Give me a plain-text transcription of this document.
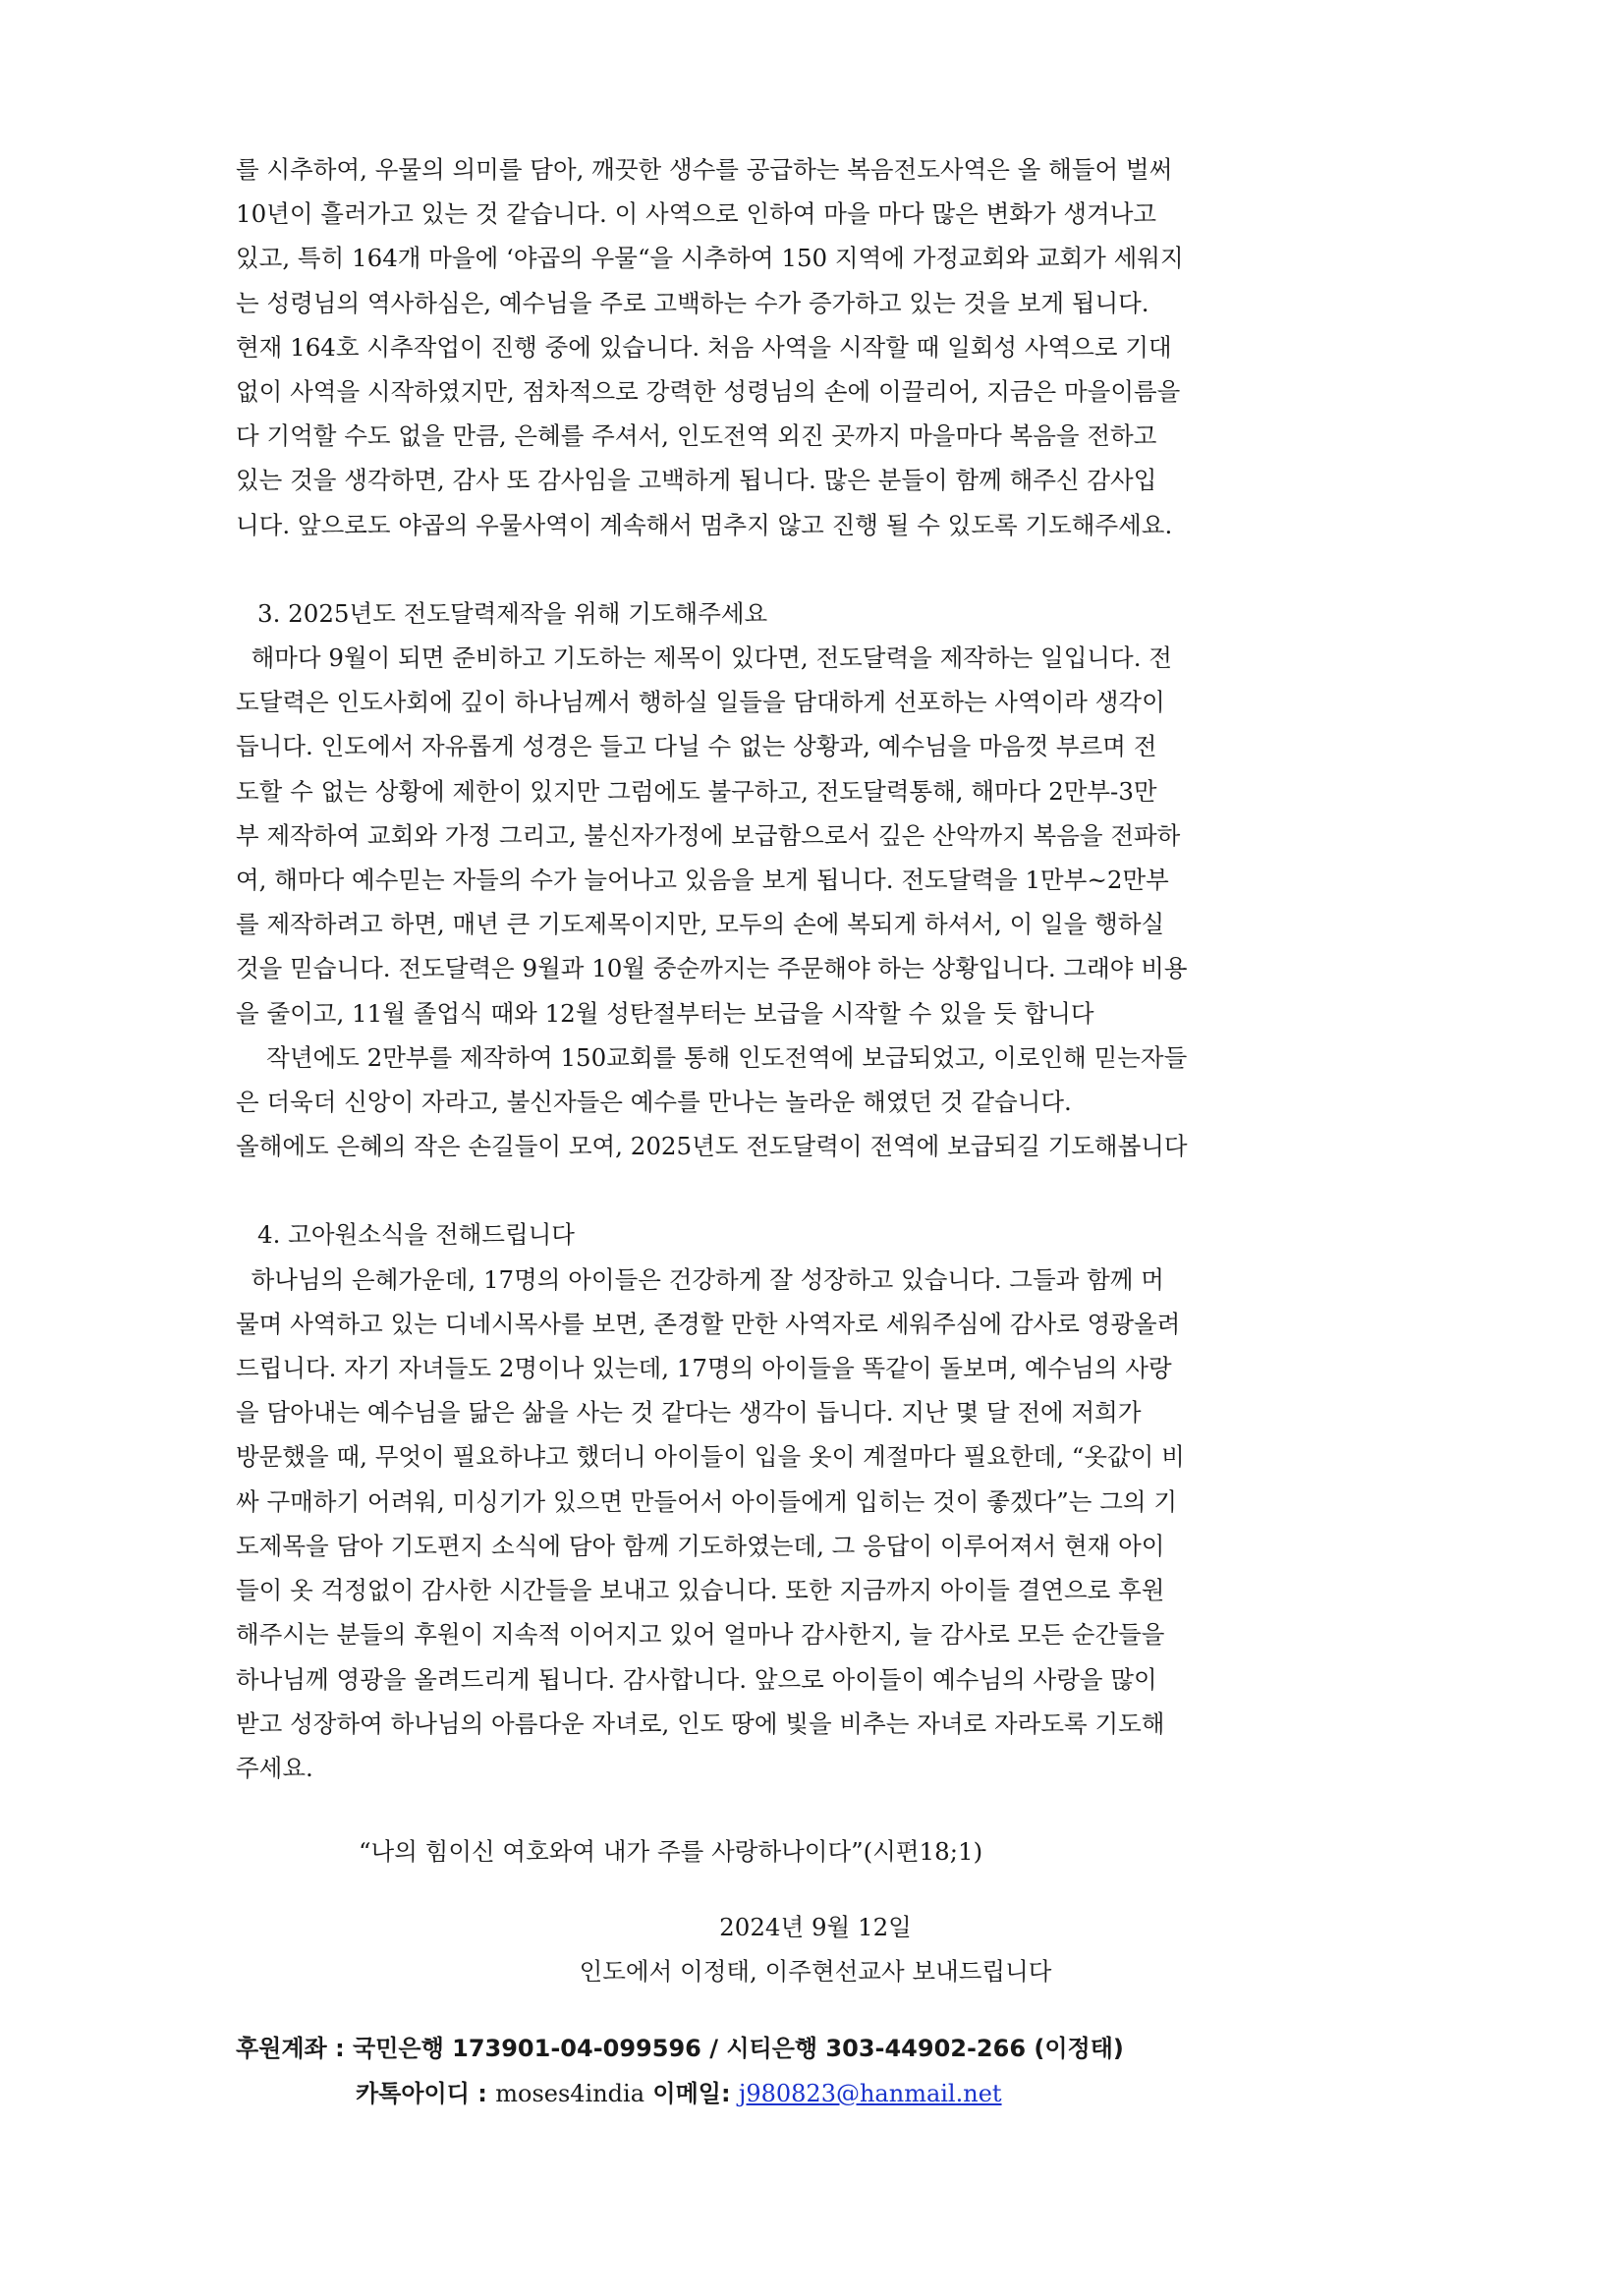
를 시추하여, 우물의 의미를 담아, 깨끗한 생수를 공급하는 복음전도사역은 올 해들어 벌써
10년이 흘러가고 있는 것 같습니다. 이 사역으로 인하여 마을 마다 많은 변화가 생겨나고
있고, 특히 164개 마을에 ‘야곱의 우물“을 시추하여 150 지역에 가정교회와 교회가 세워지
는 성령님의 역사하심은, 예수님을 주로 고백하는 수가 증가하고 있는 것을 보게 됩니다.
현재 164호 시추작업이 진행 중에 있습니다. 처음 사역을 시작할 때 일회성 사역으로 기대
없이 사역을 시작하였지만, 점차적으로 강력한 성령님의 손에 이끌리어, 지금은 마을이름을
다 기억할 수도 없을 만큼, 은혜를 주셔서, 인도전역 외진 곳까지 마을마다 복음을 전하고
있는 것을 생각하면, 감사 또 감사임을 고백하게 됩니다. 많은 분들이 함께 해주신 감사입
니다. 앞으로도 야곱의 우물사역이 계속해서 멈추지 않고 진행 될 수 있도록 기도해주세요.

3. 2025년도 전도달력제작을 위해 기도해주세요

해마다 9월이 되면 준비하고 기도하는 제목이 있다면, 전도달력을 제작하는 일입니다. 전
도달력은 인도사회에 깊이 하나님께서 행하실 일들을 담대하게 선포하는 사역이라 생각이
듭니다. 인도에서 자유롭게 성경은 들고 다닐 수 없는 상황과, 예수님을 마음껏 부르며 전
도할 수 없는 상황에 제한이 있지만 그럼에도 불구하고, 전도달력통해, 해마다 2만부-3만
부 제작하여 교회와 가정 그리고, 불신자가정에 보급함으로서 깊은 산악까지 복음을 전파하
여, 해마다 예수믿는 자들의 수가 늘어나고 있음을 보게 됩니다. 전도달력을 1만부~2만부
를 제작하려고 하면, 매년 큰 기도제목이지만, 모두의 손에 복되게 하셔서, 이 일을 행하실
것을 믿습니다. 전도달력은 9월과 10월 중순까지는 주문해야 하는 상황입니다. 그래야 비용
을 줄이고, 11월 졸업식 때와 12월 성탄절부터는 보급을 시작할 수 있을 듯 합니다
작년에도 2만부를 제작하여 150교회를 통해 인도전역에 보급되었고, 이로인해 믿는자들
은 더욱더 신앙이 자라고, 불신자들은 예수를 만나는 놀라운 해였던 것 같습니다.
올해에도 은혜의 작은 손길들이 모여, 2025년도 전도달력이 전역에 보급되길 기도해봅니다

4. 고아원소식을 전해드립니다

하나님의 은혜가운데, 17명의 아이들은 건강하게 잘 성장하고 있습니다. 그들과 함께 머
물며 사역하고 있는 디네시목사를 보면, 존경할 만한 사역자로 세워주심에 감사로 영광올려
드립니다. 자기 자녀들도 2명이나 있는데, 17명의 아이들을 똑같이 돌보며, 예수님의 사랑
을 담아내는 예수님을 닮은 삶을 사는 것 같다는 생각이 듭니다. 지난 몇 달 전에 저희가
방문했을 때, 무엇이 필요하냐고 했더니 아이들이 입을 옷이 계절마다 필요한데, “옷값이 비
싸 구매하기 어려워, 미싱기가 있으면 만들어서 아이들에게 입히는 것이 좋겠다”는 그의 기
도제목을 담아 기도편지 소식에 담아 함께 기도하였는데, 그 응답이 이루어져서 현재 아이
들이 옷 걱정없이 감사한 시간들을 보내고 있습니다. 또한 지금까지 아이들 결연으로 후원
해주시는 분들의 후원이 지속적 이어지고 있어 얼마나 감사한지, 늘 감사로 모든 순간들을
하나님께 영광을 올려드리게 됩니다. 감사합니다. 앞으로 아이들이 예수님의 사랑을 많이
받고 성장하여 하나님의 아름다운 자녀로, 인도 땅에 빛을 비추는 자녀로 자라도록 기도해
주세요.

“나의 힘이신 여호와여 내가 주를 사랑하나이다”(시편18;1)

2024년 9월 12일

인도에서 이정태, 이주현선교사 보내드립니다

후원계좌 : 국민은행 173901-04-099596 / 시티은행 303-44902-266 (이정태)
카톡아이디 : moses4india 이메일: j980823@hanmail.net
